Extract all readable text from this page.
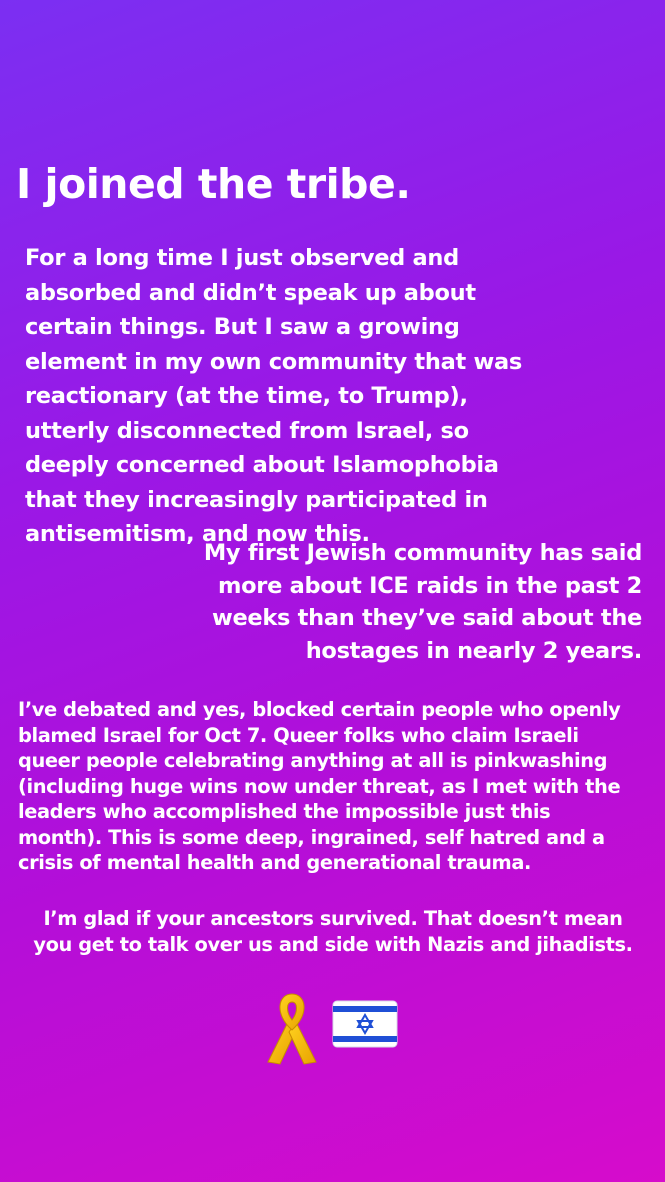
I joined the tribe.

For a long time I just observed and
absorbed and didn’t speak up about
certain things. But I saw a growing
element in my own community that was
reactionary (at the time, to Trump),
utterly disconnected from Israel, so
deeply concerned about Islamophobia
that they increasingly participated in
antisemitism, and now this.

My first Jewish community has said
more about ICE raids in the past 2
weeks than they’ve said about the
hostages in nearly 2 years.

I’ve debated and yes, blocked certain people who openly
blamed Israel for Oct 7. Queer folks who claim Israeli
queer people celebrating anything at all is pinkwashing
(including huge wins now under threat, as I met with the
leaders who accomplished the impossible just this
month). This is some deep, ingrained, self hatred and a
crisis of mental health and generational trauma.

I’m glad if your ancestors survived. That doesn’t mean
you get to talk over us and side with Nazis and jihadists.
